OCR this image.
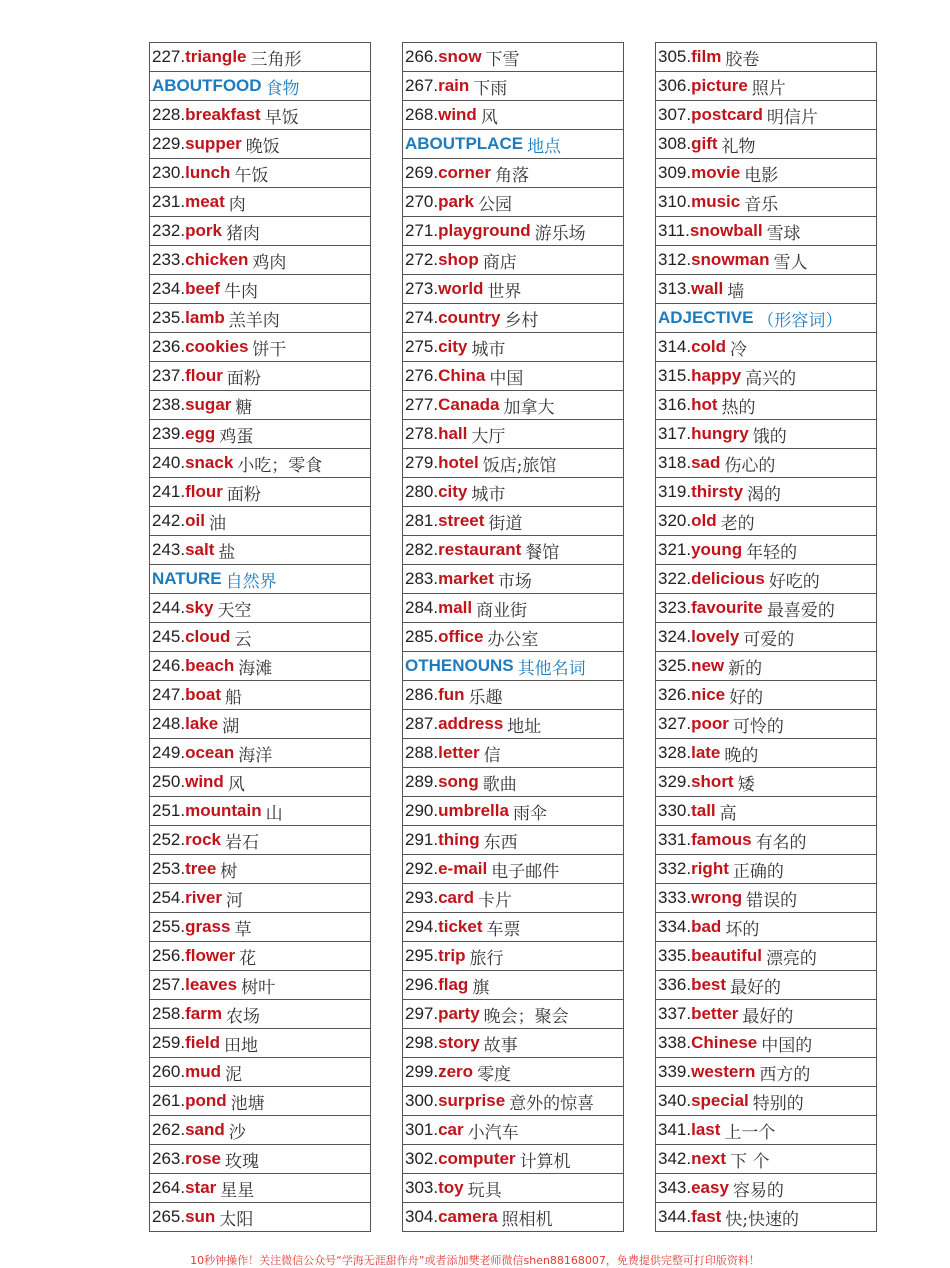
227. triangle 三角形
ABOUTFOOD 食物
228. breakfast 早饭
229. supper 晚饭
230. lunch 午饭
231. meat 肉
232. pork 猪肉
233. chicken 鸡肉
234. beef 牛肉
235. lamb 羔羊肉
236. cookies 饼干
237. flour 面粉
238. sugar 糖
239. egg 鸡蛋
240. snack 小吃；零食
241. flour 面粉
242. oil 油
243. salt 盐
NATURE 自然界
244. sky 天空
245. cloud 云
246. beach 海滩
247. boat 船
248. lake 湖
249. ocean 海洋
250. wind 风
251. mountain 山
252. rock 岩石
253. tree 树
254. river 河
255. grass 草
256. flower 花
257. leaves 树叶
258. farm 农场
259. field 田地
260. mud 泥
261. pond 池塘
262. sand 沙
263. rose 玫瑰
264. star 星星
265. sun 太阳
266. snow 下雪
267. rain 下雨
268. wind 风
ABOUTPLACE 地点
269. corner 角落
270. park 公园
271. playground 游乐场
272. shop 商店
273. world 世界
274. country 乡村
275. city 城市
276. China 中国
277. Canada 加拿大
278. hall 大厅
279. hotel 饭店;旅馆
280. city 城市
281. street 街道
282. restaurant 餐馆
283. market 市场
284. mall 商业街
285. office 办公室
OTHENOUNS 其他名词
286. fun 乐趣
287. address 地址
288. letter 信
289. song 歌曲
290. umbrella 雨伞
291. thing 东西
292. e-mail 电子邮件
293. card 卡片
294. ticket 车票
295. trip 旅行
296. flag 旗
297. party 晚会；聚会
298. story 故事
299. zero 零度
300. surprise 意外的惊喜
301. car 小汽车
302. computer 计算机
303. toy 玩具
304. camera 照相机
305. film 胶卷
306. picture 照片
307. postcard 明信片
308. gift 礼物
309. movie 电影
310. music 音乐
311. snowball 雪球
312. snowman 雪人
313. wall 墙
ADJECTIVE （形容词）
314. cold 冷
315. happy 高兴的
316. hot 热的
317. hungry 饿的
318. sad 伤心的
319. thirsty 渴的
320. old 老的
321. young 年轻的
322. delicious 好吃的
323. favourite 最喜爱的
324. lovely 可爱的
325. new 新的
326. nice 好的
327. poor 可怜的
328. late 晚的
329. short 矮
330. tall 高
331. famous 有名的
332. right 正确的
333. wrong 错误的
334. bad 坏的
335. beautiful 漂亮的
336. best 最好的
337. better 最好的
338. Chinese 中国的
339. western 西方的
340. special 特别的
341. last 上一个
342. next 下 个
343. easy 容易的
344. fast 快;快速的
10秒钟操作！关注微信公众号“学海无涯甜作舟”或者添加樊老师微信shen88168007，免费提供完整可打印版资料！
